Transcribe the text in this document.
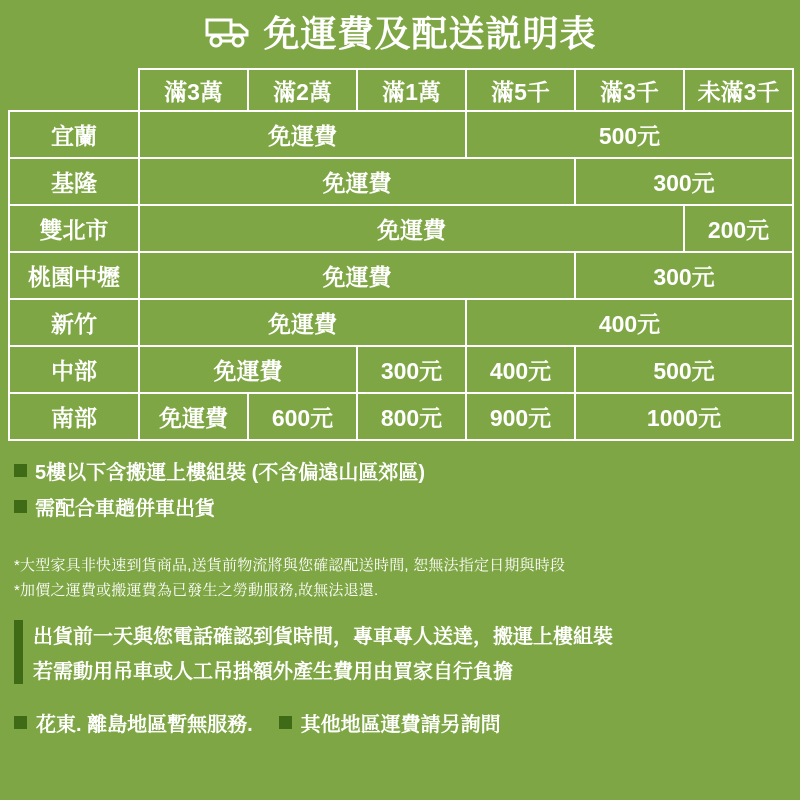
免運費及配送説明表
	滿3萬	滿2萬	滿1萬	滿5千	滿3千	未滿3千
宜蘭	免運費			500元		
基隆	免運費				300元	
雙北市	免運費					200元
桃園中壢	免運費				300元	
新竹	免運費			400元		
中部	免運費		300元	400元	500元	
南部	免運費	600元	800元	900元	1000元	
5樓以下含搬運上樓組裝 (不含偏遠山區郊區)
需配合車趟併車出貨
*大型家具非快速到貨商品,送貨前物流將與您確認配送時間, 恕無法指定日期與時段
*加價之運費或搬運費為已發生之勞動服務,故無法退還.
出貨前一天與您電話確認到貨時間，專車專人送達，搬運上樓組裝
若需動用吊車或人工吊掛額外產生費用由買家自行負擔
花東. 離島地區暫無服務. 其他地區運費請另詢問
